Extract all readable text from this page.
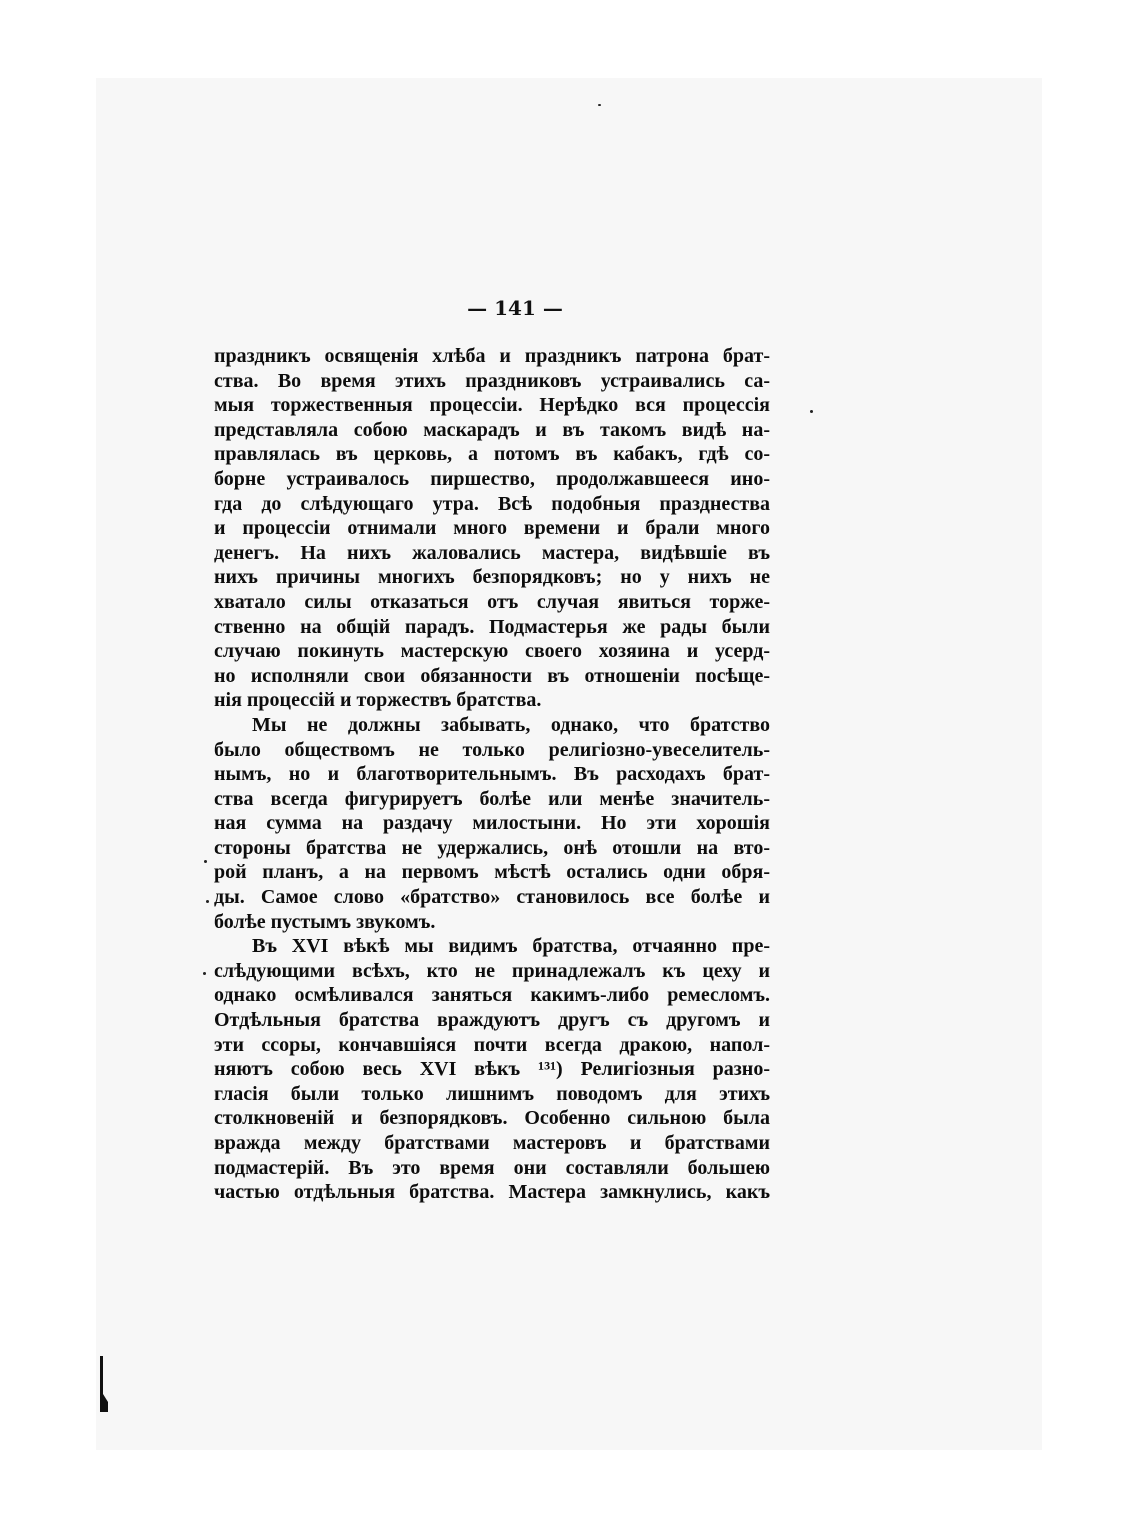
— 141 —
праздникъ освященія хлѣба и праздникъ патрона брат-
ства. Во время этихъ праздниковъ устраивались са-
мыя торжественныя процессіи. Нерѣдко вся процессія
представляла собою маскарадъ и въ такомъ видѣ на-
правлялась въ церковь, а потомъ въ кабакъ, гдѣ со-
борне устраивалось пиршество, продолжавшееся ино-
гда до слѣдующаго утра. Всѣ подобныя празднества
и процессіи отнимали много времени и брали много
денегъ. На нихъ жаловались мастера, видѣвшіе въ
нихъ причины многихъ безпорядковъ; но у нихъ не
хватало силы отказаться отъ случая явиться торже-
ственно на общій парадъ. Подмастерья же рады были
случаю покинуть мастерскую своего хозяина и усерд-
но исполняли свои обязанности въ отношеніи посѣще-
нія процессій и торжествъ братства.
Мы не должны забывать, однако, что братство
было обществомъ не только религіозно-увеселитель-
нымъ, но и благотворительнымъ. Въ расходахъ брат-
ства всегда фигурируетъ болѣе или менѣе значитель-
ная сумма на раздачу милостыни. Но эти хорошія
стороны братства не удержались, онѣ отошли на вто-
рой планъ, а на первомъ мѣстѣ остались одни обря-
ды. Самое слово «братство» становилось все болѣе и
болѣе пустымъ звукомъ.
Въ XVI вѣкѣ мы видимъ братства, отчаянно пре-
слѣдующими всѣхъ, кто не принадлежалъ къ цеху и
однако осмѣливался заняться какимъ-либо ремесломъ.
Отдѣльныя братства враждуютъ другъ съ другомъ и
эти ссоры, кончавшіяся почти всегда дракою, напол-
няютъ собою весь XVI вѣкъ ¹³¹) Религіозныя разно-
гласія были только лишнимъ поводомъ для этихъ
столкновеній и безпорядковъ. Особенно сильною была
вражда между братствами мастеровъ и братствами
подмастерій. Въ это время они составляли большею
частью отдѣльныя братства. Мастера замкнулись, какъ
